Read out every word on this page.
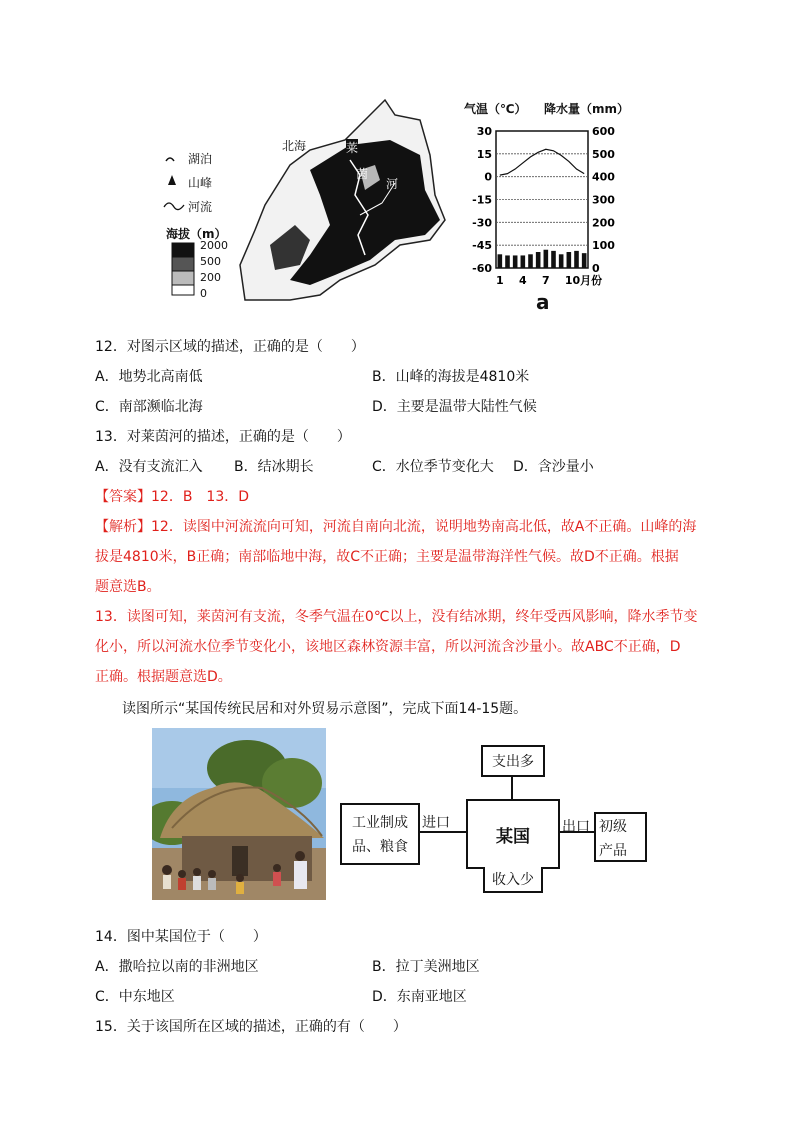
湖泊
山峰
河流
海拔（m）
2000
500
200
0
北海	莱
茵
河
气温（℃） 降水量（mm）
30
15
0
-15
-30
-45
-60
600
500
400
300
200
100
0
1 4 7 10月份
a
12．对图示区域的描述，正确的是（　　）
A．地势北高南低	B．山峰的海拔是4810米
C．南部濒临北海	D．主要是温带大陆性气候
13．对莱茵河的描述，正确的是（　　）
A．没有支流汇入 B．结冰期长	C．水位季节变化大 D．含沙量小
【答案】12．B　13．D
【解析】12．读图中河流流向可知，河流自南向北流，说明地势南高北低，故A不正确。山峰的海
拔是4810米，B正确；南部临地中海，故C不正确；主要是温带海洋性气候。故D不正确。根据
题意选B。
13．读图可知，莱茵河有支流，冬季气温在0℃以上，没有结冰期，终年受西风影响，降水季节变
化小，所以河流水位季节变化小，该地区森林资源丰富，所以河流含沙量小。故ABC不正确，D
正确。根据题意选D。
读图所示“某国传统民居和对外贸易示意图”，完成下面14-15题。
支出多
工业制成
品、粮食
进口
某国	出口 初级
产品
收入少
14．图中某国位于（　　）
A．撒哈拉以南的非洲地区	B．拉丁美洲地区
C．中东地区	D．东南亚地区
15．关于该国所在区域的描述，正确的有（　　）
